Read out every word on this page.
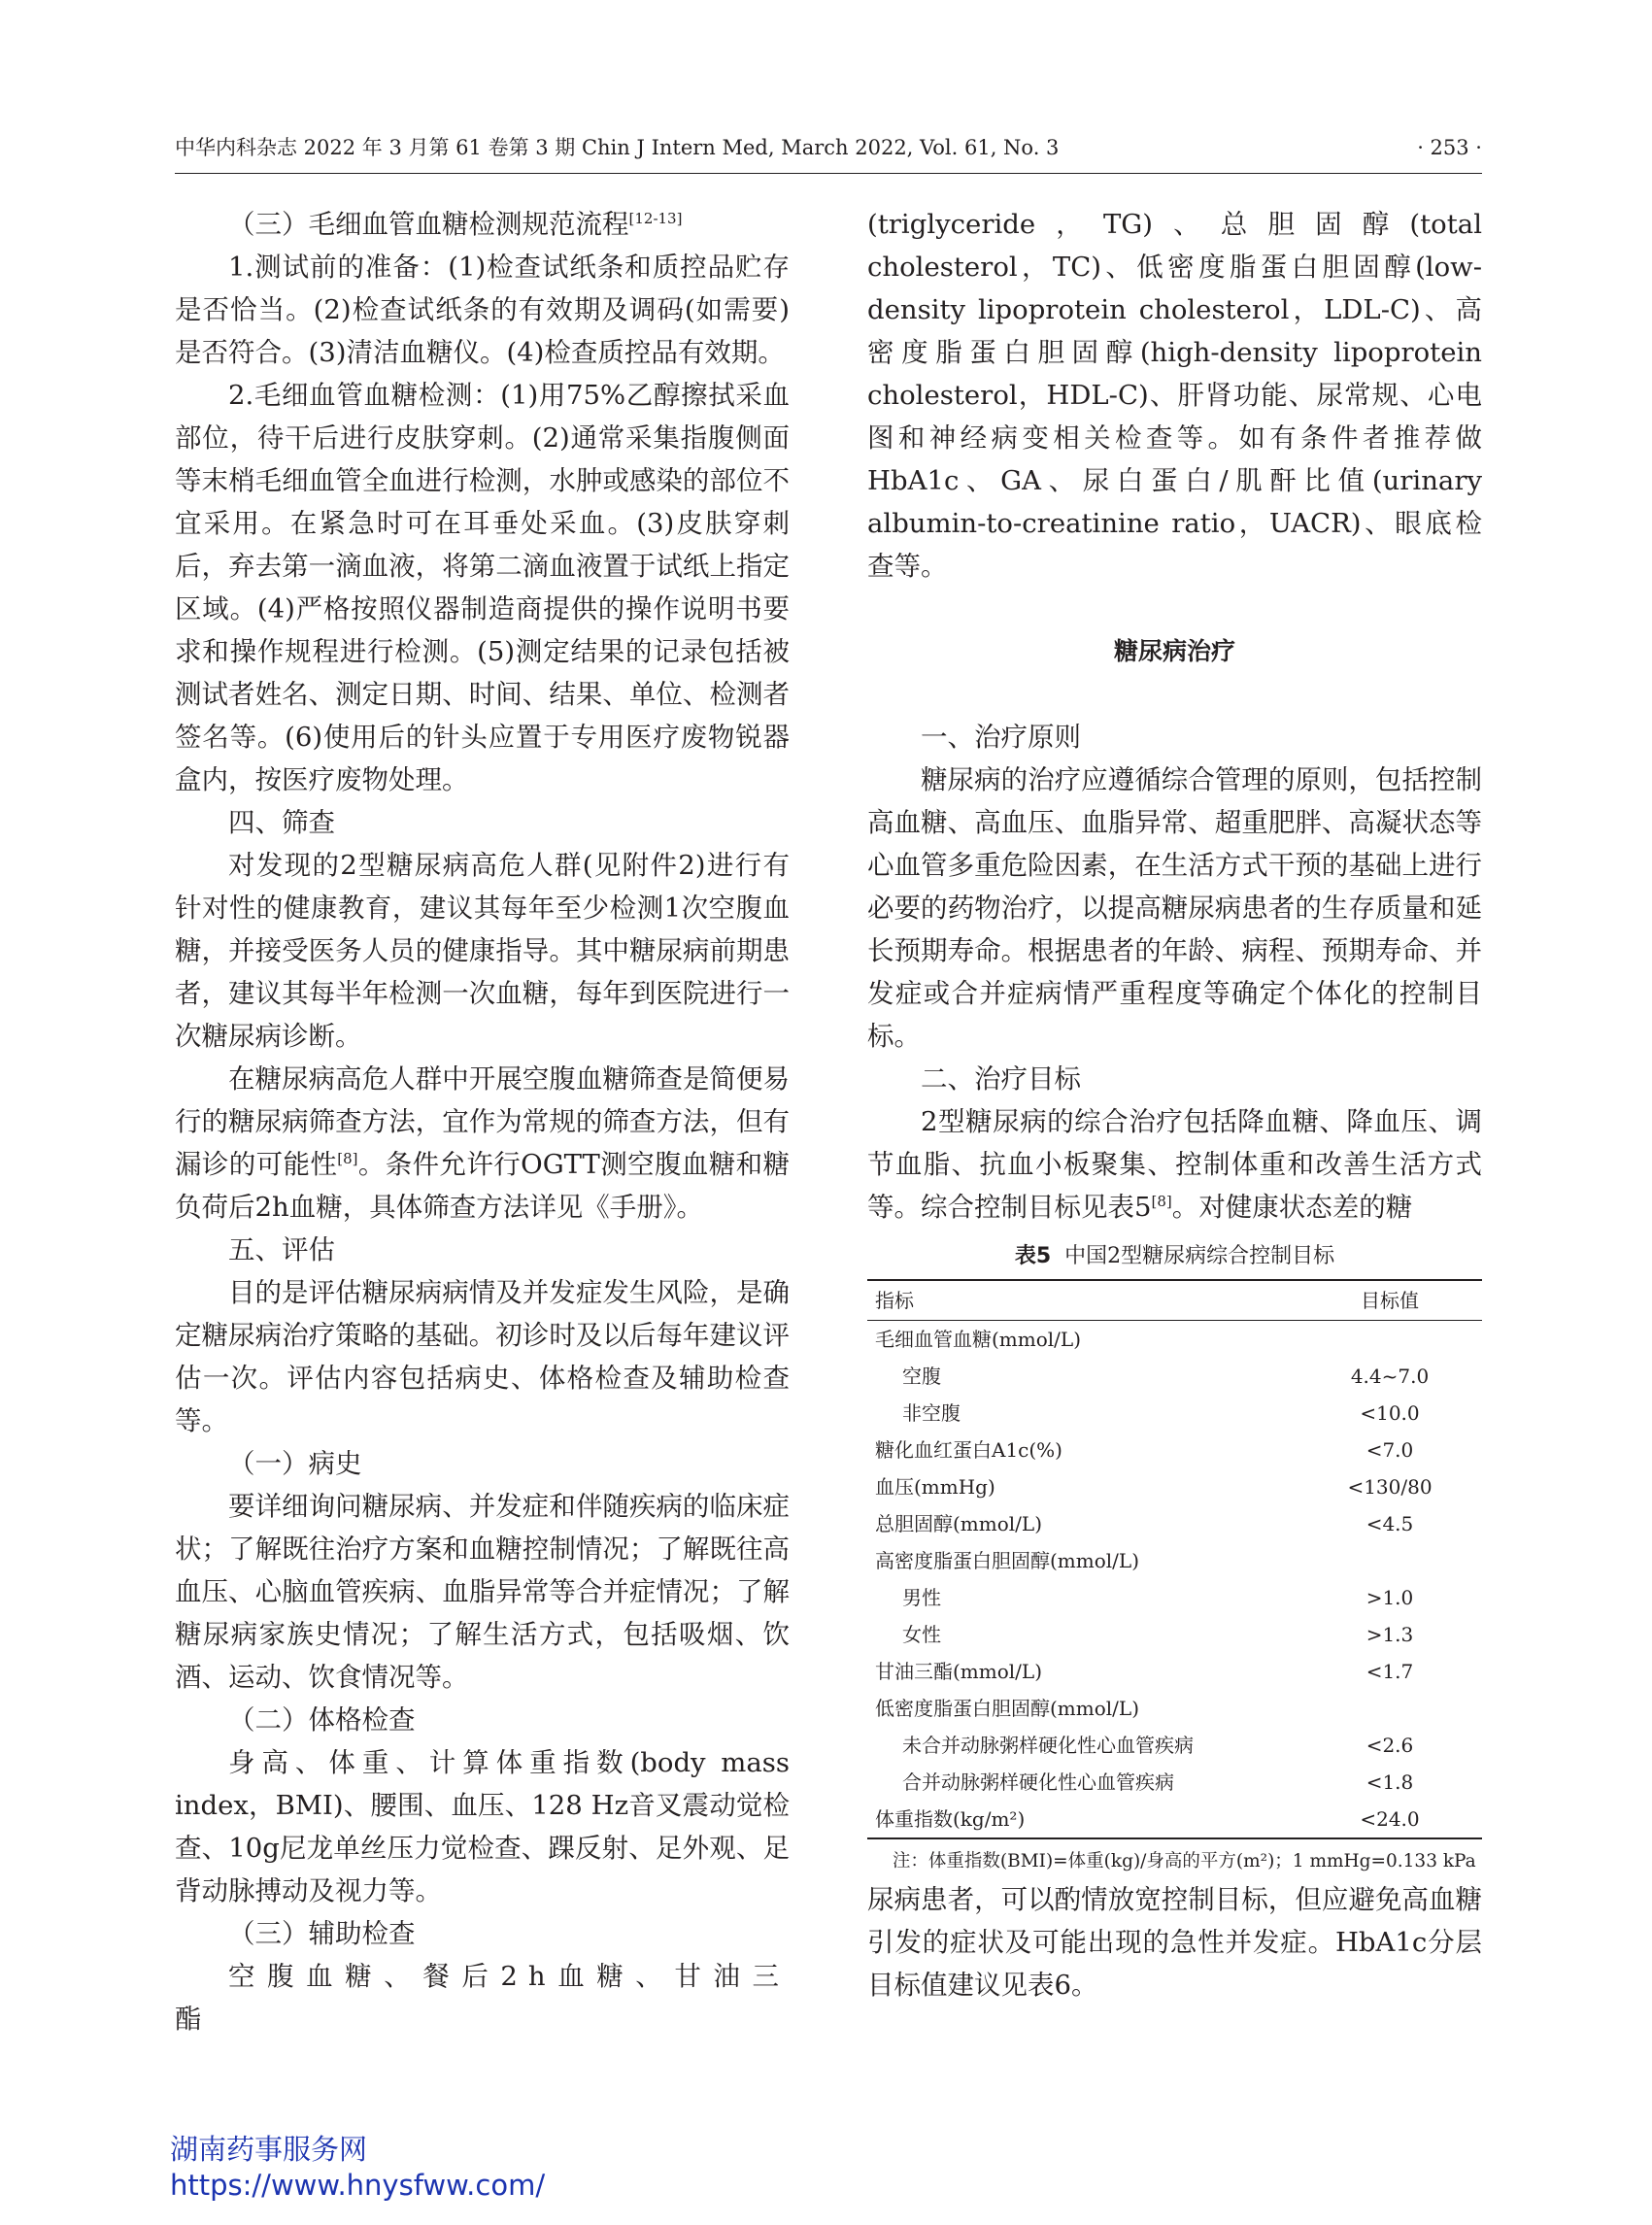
中华内科杂志 2022 年 3 月第 61 卷第 3 期 Chin J Intern Med, March 2022, Vol. 61, No. 3	· 253 ·

（三）毛细血管血糖检测规范流程[12-13]

1.测试前的准备：(1)检查试纸条和质控品贮存是否恰当。(2)检查试纸条的有效期及调码(如需要)是否符合。(3)清洁血糖仪。(4)检查质控品有效期。

2.毛细血管血糖检测：(1)用75%乙醇擦拭采血部位，待干后进行皮肤穿刺。(2)通常采集指腹侧面等末梢毛细血管全血进行检测，水肿或感染的部位不宜采用。在紧急时可在耳垂处采血。(3)皮肤穿刺后，弃去第一滴血液，将第二滴血液置于试纸上指定区域。(4)严格按照仪器制造商提供的操作说明书要求和操作规程进行检测。(5)测定结果的记录包括被测试者姓名、测定日期、时间、结果、单位、检测者签名等。(6)使用后的针头应置于专用医疗废物锐器盒内，按医疗废物处理。

四、筛查

对发现的2型糖尿病高危人群(见附件2)进行有针对性的健康教育，建议其每年至少检测1次空腹血糖，并接受医务人员的健康指导。其中糖尿病前期患者，建议其每半年检测一次血糖，每年到医院进行一次糖尿病诊断。

在糖尿病高危人群中开展空腹血糖筛查是简便易行的糖尿病筛查方法，宜作为常规的筛查方法，但有漏诊的可能性[8]。条件允许行OGTT测空腹血糖和糖负荷后2h血糖，具体筛查方法详见《手册》。

五、评估

目的是评估糖尿病病情及并发症发生风险，是确定糖尿病治疗策略的基础。初诊时及以后每年建议评估一次。评估内容包括病史、体格检查及辅助检查等。

（一）病史

要详细询问糖尿病、并发症和伴随疾病的临床症状；了解既往治疗方案和血糖控制情况；了解既往高血压、心脑血管疾病、血脂异常等合并症情况；了解糖尿病家族史情况；了解生活方式，包括吸烟、饮酒、运动、饮食情况等。

（二）体格检查

身高、体重、计算体重指数(body mass index，BMI)、腰围、血压、128 Hz音叉震动觉检查、10g尼龙单丝压力觉检查、踝反射、足外观、足背动脉搏动及视力等。

（三）辅助检查

空腹血糖、餐后2h血糖、甘油三酯

(triglyceride，TG)、总胆固醇(total cholesterol，TC)、低密度脂蛋白胆固醇(low-density lipoprotein cholesterol，LDL-C)、高密度脂蛋白胆固醇(high-density lipoprotein cholesterol，HDL-C)、肝肾功能、尿常规、心电图和神经病变相关检查等。如有条件者推荐做HbA1c、GA、尿白蛋白/肌酐比值(urinary albumin-to-creatinine ratio，UACR)、眼底检查等。

糖尿病治疗

一、治疗原则

糖尿病的治疗应遵循综合管理的原则，包括控制高血糖、高血压、血脂异常、超重肥胖、高凝状态等心血管多重危险因素，在生活方式干预的基础上进行必要的药物治疗，以提高糖尿病患者的生存质量和延长预期寿命。根据患者的年龄、病程、预期寿命、并发症或合并症病情严重程度等确定个体化的控制目标。

二、治疗目标

2型糖尿病的综合治疗包括降血糖、降血压、调节血脂、抗血小板聚集、控制体重和改善生活方式等。综合控制目标见表5[8]。对健康状态差的糖

表5 中国2型糖尿病综合控制目标
指标	目标值
毛细血管血糖(mmol/L)	
空腹	4.4~7.0
非空腹	<10.0
糖化血红蛋白A1c(%)	<7.0
血压(mmHg)	<130/80
总胆固醇(mmol/L)	<4.5
高密度脂蛋白胆固醇(mmol/L)	
男性	>1.0
女性	>1.3
甘油三酯(mmol/L)	<1.7
低密度脂蛋白胆固醇(mmol/L)	
未合并动脉粥样硬化性心血管疾病	<2.6
合并动脉粥样硬化性心血管疾病	<1.8
体重指数(kg/m²)	<24.0
注：体重指数(BMI)=体重(kg)/身高的平方(m²)；1 mmHg=0.133 kPa

尿病患者，可以酌情放宽控制目标，但应避免高血糖引发的症状及可能出现的急性并发症。HbA1c分层目标值建议见表6。

湖南药事服务网
https://www.hnysfww.com/
